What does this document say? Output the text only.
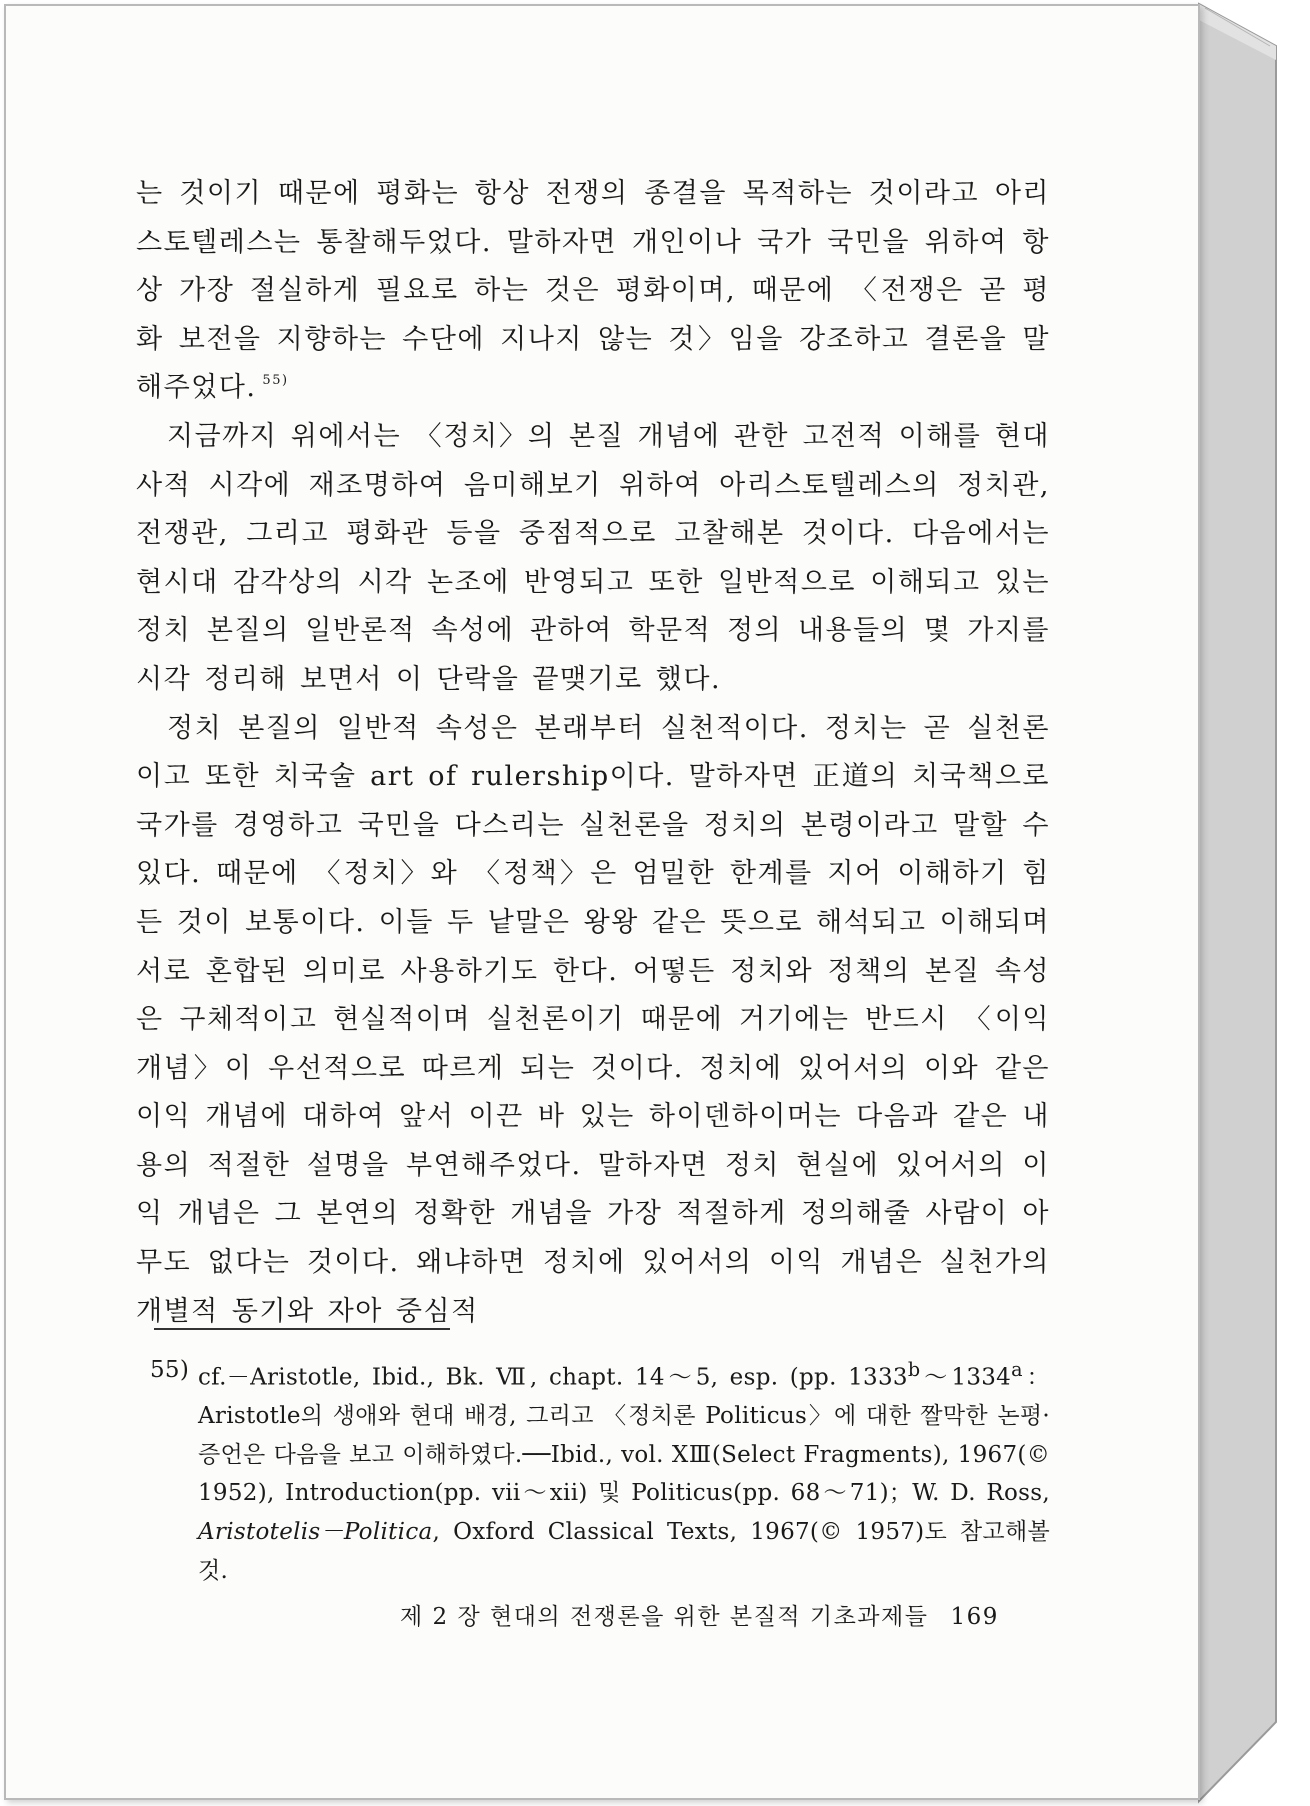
는 것이기 때문에 평화는 항상 전쟁의 종결을 목적하는 것이라고 아리스토텔레스는 통찰해두었다. 말하자면 개인이나 국가 국민을 위하여 항상 가장 절실하게 필요로 하는 것은 평화이며, 때문에 〈전쟁은 곧 평화 보전을 지향하는 수단에 지나지 않는 것〉임을 강조하고 결론을 말해주었다. $^{55)}$
지금까지 위에서는 〈정치〉의 본질 개념에 관한 고전적 이해를 현대사적 시각에 재조명하여 음미해보기 위하여 아리스토텔레스의 정치관, 전쟁관, 그리고 평화관 등을 중점적으로 고찰해본 것이다. 다음에서는 현시대 감각상의 시각 논조에 반영되고 또한 일반적으로 이해되고 있는 정치 본질의 일반론적 속성에 관하여 학문적 정의 내용들의 몇 가지를 시각 정리해 보면서 이 단락을 끝맺기로 했다.
정치 본질의 일반적 속성은 본래부터 실천적이다. 정치는 곧 실천론이고 또한 치국술 art of rulership이다. 말하자면 正道의 치국책으로 국가를 경영하고 국민을 다스리는 실천론을 정치의 본령이라고 말할 수 있다. 때문에 〈정치〉와 〈정책〉은 엄밀한 한계를 지어 이해하기 힘든 것이 보통이다. 이들 두 낱말은 왕왕 같은 뜻으로 해석되고 이해되며 서로 혼합된 의미로 사용하기도 한다. 어떻든 정치와 정책의 본질 속성은 구체적이고 현실적이며 실천론이기 때문에 거기에는 반드시 〈이익 개념〉이 우선적으로 따르게 되는 것이다. 정치에 있어서의 이와 같은 이익 개념에 대하여 앞서 이끈 바 있는 하이덴하이머는 다음과 같은 내용의 적절한 설명을 부연해주었다. 말하자면 정치 현실에 있어서의 이익 개념은 그 본연의 정확한 개념을 가장 적절하게 정의해줄 사람이 아무도 없다는 것이다. 왜냐하면 정치에 있어서의 이익 개념은 실천가의 개별적 동기와 자아 중심적
55) cf.－Aristotle, Ibid., Bk. Ⅶ, chapt. 14～5, esp. (pp. 1333$^b$～1334$^a$：Aristotle의 생애와 현대 배경, 그리고 〈정치론 Politicus〉에 대한 짤막한 논평·증언은 다음을 보고 이해하였다.──Ibid., vol. ⅩⅢ(Select Fragments), 1967(© 1952), Introduction(pp. vii～xii) 및 Politicus(pp. 68～71)；W. D. Ross, Aristotelis－Politica, Oxford Classical Texts, 1967(© 1957)도 참고해볼 것.
제 2 장 현대의 전쟁론을 위한 본질적 기초과제들 169
